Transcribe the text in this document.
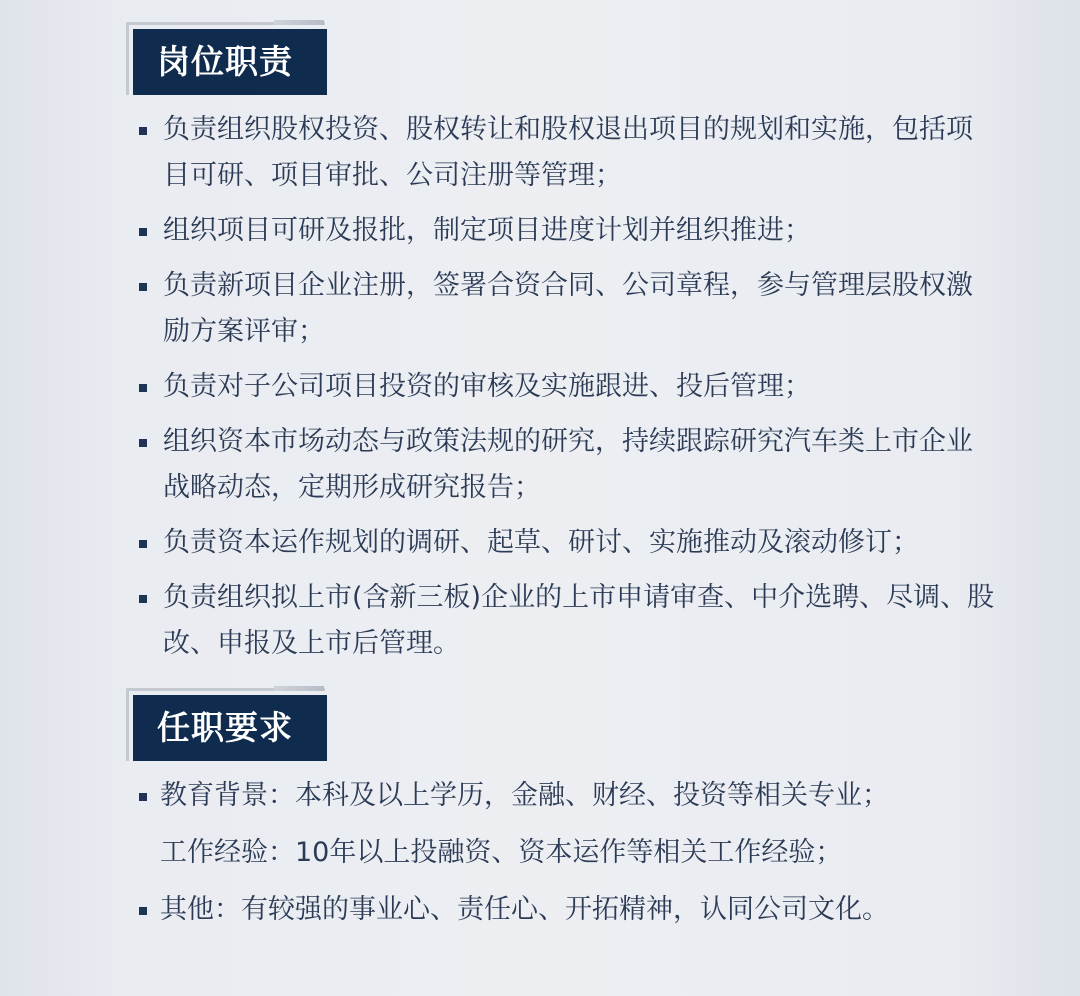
岗位职责
负责组织股权投资、股权转让和股权退出项目的规划和实施，包括项目可研、项目审批、公司注册等管理；
组织项目可研及报批，制定项目进度计划并组织推进；
负责新项目企业注册，签署合资合同、公司章程，参与管理层股权激励方案评审；
负责对子公司项目投资的审核及实施跟进、投后管理；
组织资本市场动态与政策法规的研究，持续跟踪研究汽车类上市企业战略动态，定期形成研究报告；
负责资本运作规划的调研、起草、研讨、实施推动及滚动修订；
负责组织拟上市(含新三板)企业的上市申请审查、中介选聘、尽调、股改、申报及上市后管理。
任职要求
教育背景：本科及以上学历，金融、财经、投资等相关专业；
工作经验：10年以上投融资、资本运作等相关工作经验；
其他：有较强的事业心、责任心、开拓精神，认同公司文化。
